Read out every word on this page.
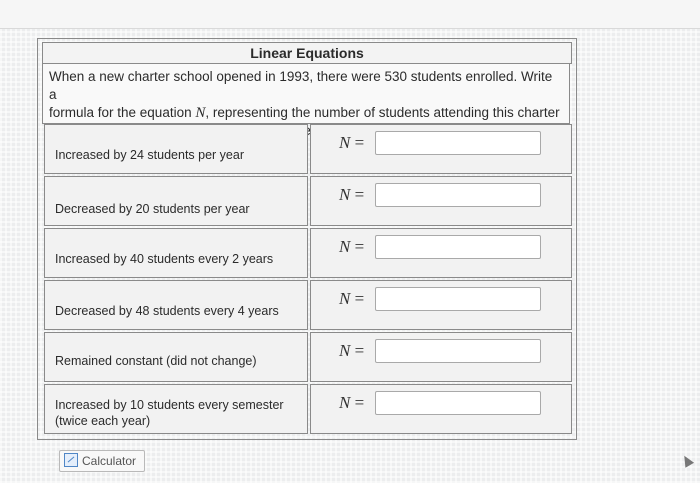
Linear Equations
When a new charter school opened in 1993, there were 530 students enrolled. Write a
formula for the equation N, representing the number of students attending this charter
Increased by 24 students per year
N =
Decreased by 20 students per year
N =
Increased by 40 students every 2 years
N =
Decreased by 48 students every 4 years
N =
Remained constant (did not change)
N =
Increased by 10 students every semester
(twice each year)
N =
Calculator
